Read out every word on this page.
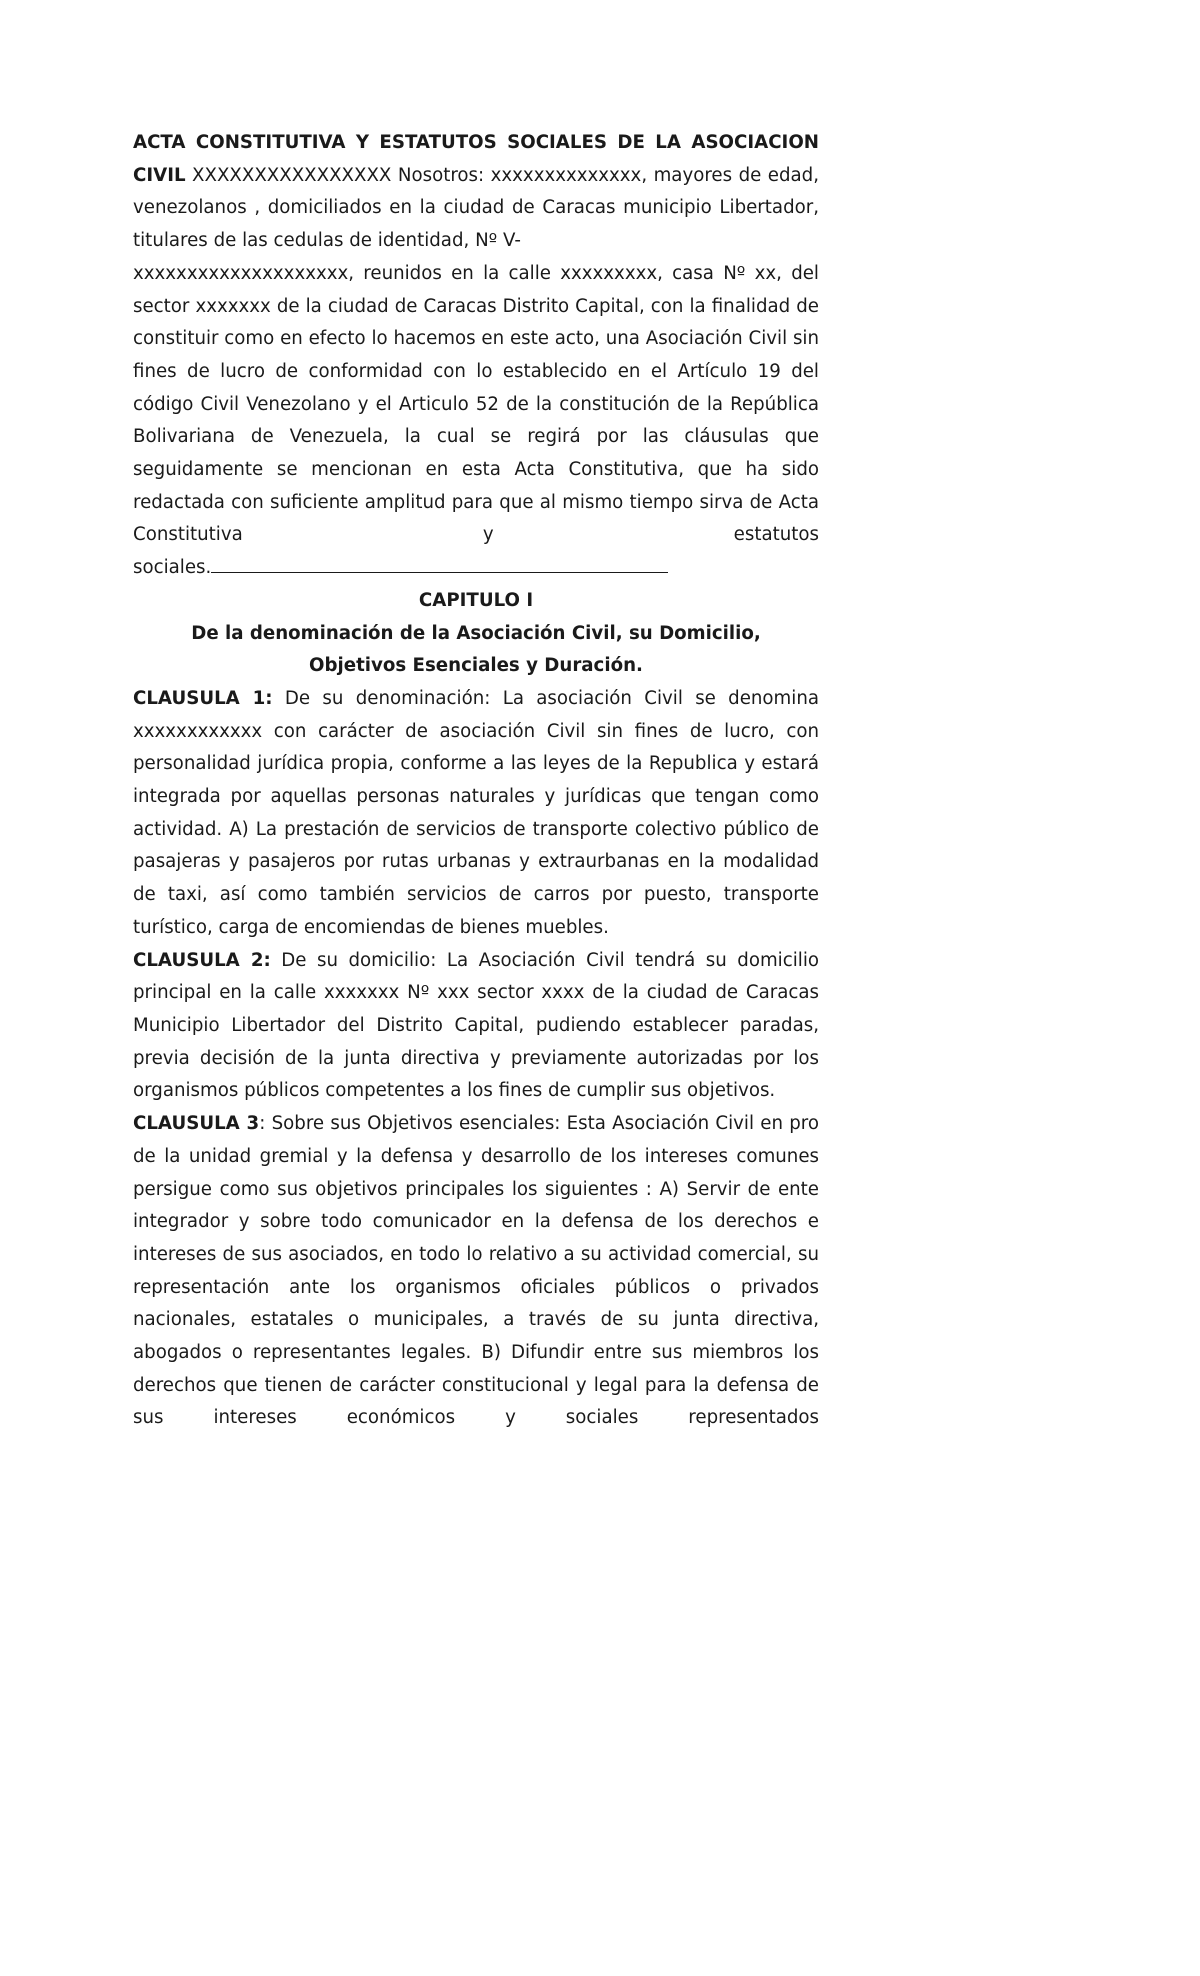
ACTA CONSTITUTIVA Y ESTATUTOS SOCIALES DE LA ASOCIACION CIVIL XXXXXXXXXXXXXXXX Nosotros: xxxxxxxxxxxxxx, mayores de edad, venezolanos , domiciliados en la ciudad de Caracas municipio Libertador, titulares de las cedulas de identidad, Nº V-

xxxxxxxxxxxxxxxxxxxx, reunidos en la calle xxxxxxxxx, casa Nº xx, del sector xxxxxxx de la ciudad de Caracas Distrito Capital, con la finalidad de constituir como en efecto lo hacemos en este acto, una Asociación Civil sin fines de lucro de conformidad con lo establecido en el Artículo 19 del código Civil Venezolano y el Articulo 52 de la constitución de la República Bolivariana de Venezuela, la cual se regirá por las cláusulas que seguidamente se mencionan en esta Acta Constitutiva, que ha sido redactada con suficiente amplitud para que al mismo tiempo sirva de Acta Constitutiva y estatutos

sociales.

CAPITULO I

De la denominación de la Asociación Civil, su Domicilio,

Objetivos Esenciales y Duración.

CLAUSULA 1: De su denominación: La asociación Civil se denomina xxxxxxxxxxxx con carácter de asociación Civil sin fines de lucro, con personalidad jurídica propia, conforme a las leyes de la Republica y estará integrada por aquellas personas naturales y jurídicas que tengan como actividad. A) La prestación de servicios de transporte colectivo público de pasajeras y pasajeros por rutas urbanas y extraurbanas en la modalidad de taxi, así como también servicios de carros por puesto, transporte turístico, carga de encomiendas de bienes muebles.

CLAUSULA 2: De su domicilio: La Asociación Civil tendrá su domicilio principal en la calle xxxxxxx Nº xxx sector xxxx de la ciudad de Caracas Municipio Libertador del Distrito Capital, pudiendo establecer paradas, previa decisión de la junta directiva y previamente autorizadas por los organismos públicos competentes a los fines de cumplir sus objetivos.

CLAUSULA 3: Sobre sus Objetivos esenciales: Esta Asociación Civil en pro de la unidad gremial y la defensa y desarrollo de los intereses comunes persigue como sus objetivos principales los siguientes : A) Servir de ente integrador y sobre todo comunicador en la defensa de los derechos e intereses de sus asociados, en todo lo relativo a su actividad comercial, su representación ante los organismos oficiales públicos o privados nacionales, estatales o municipales, a través de su junta directiva, abogados o representantes legales. B) Difundir entre sus miembros los derechos que tienen de carácter constitucional y legal para la defensa de sus intereses económicos y sociales representados
